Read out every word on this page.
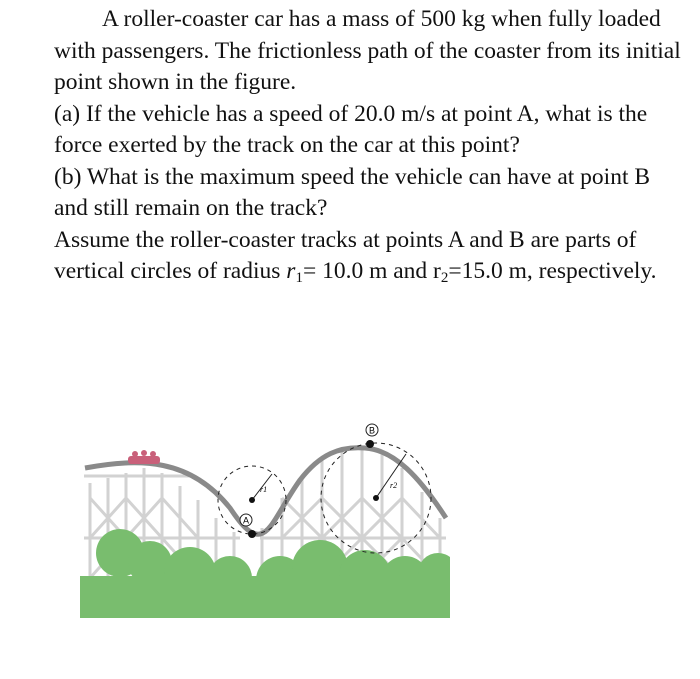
A roller-coaster car has a mass of 500 kg when fully loaded with passengers. The frictionless path of the coaster from its initial point shown in the figure.

(a) If the vehicle has a speed of 20.0 m/s at point A, what is the force exerted by the track on the car at this point?

(b) What is the maximum speed the vehicle can have at point B and still remain on the track?

Assume the roller-coaster tracks at points A and B are parts of vertical circles of radius $r_1= 10.0$ m and $r_2=15.0$ m, respectively.

A
B
r1	r2
